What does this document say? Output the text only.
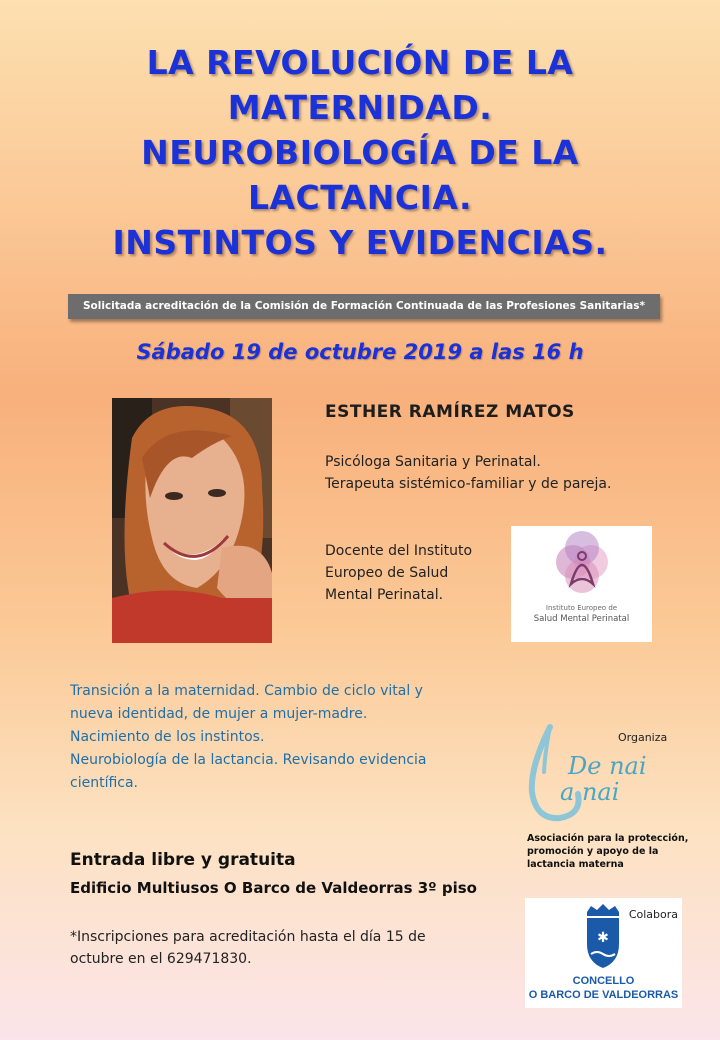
LA REVOLUCIÓN DE LA
MATERNIDAD.
NEUROBIOLOGÍA DE LA
LACTANCIA.
INSTINTOS Y EVIDENCIAS.
Solicitada acreditación de la Comisión de Formación Continuada de las Profesiones Sanitarias*
Sábado 19 de octubre 2019 a las 16 h
ESTHER RAMÍREZ MATOS
Psicóloga Sanitaria y Perinatal.
Terapeuta sistémico-familiar y de pareja.
Docente del Instituto
Europeo de Salud
Mental Perinatal.
Instituto Europeo de
Salud Mental Perinatal
Transición a la maternidad. Cambio de ciclo vital y
nueva identidad, de mujer a mujer-madre.
Nacimiento de los instintos.
Neurobiología de la lactancia. Revisando evidencia
científica.
De nai
a nai
Organiza
Asociación para la protección,
promoción y apoyo de la
lactancia materna
Entrada libre y gratuita
Edificio Multiusos O Barco de Valdeorras 3º piso
*Inscripciones para acreditación hasta el día 15 de
octubre en el 629471830.
Colabora
✱
CONCELLO
O BARCO DE VALDEORRAS
